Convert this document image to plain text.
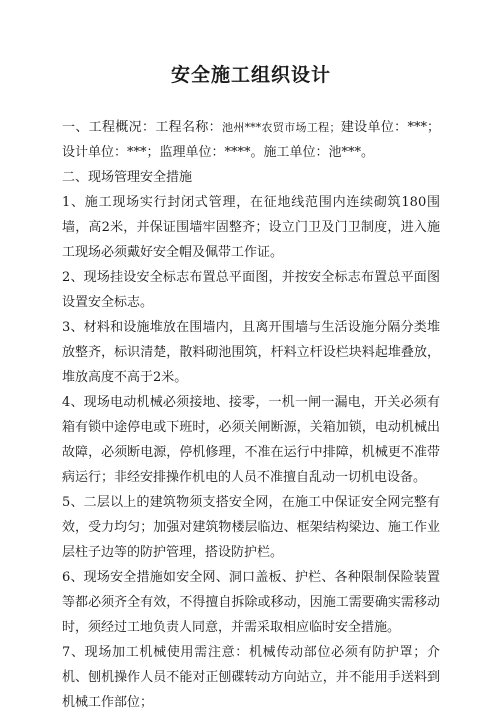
安全施工组织设计

一、工程概况：工程名称：池州***农贸市场工程；建设单位：***；设计单位：***；监理单位：****。施工单位：池***。

二、现场管理安全措施

1、施工现场实行封闭式管理，在征地线范围内连续砌筑180围墙，高2米，并保证围墙牢固整齐；设立门卫及门卫制度，进入施工现场必须戴好安全帽及佩带工作证。

2、现场挂设安全标志布置总平面图，并按安全标志布置总平面图设置安全标志。

3、材料和设施堆放在围墙内，且离开围墙与生活设施分隔分类堆放整齐，标识清楚，散料砌池围筑，杆料立杆设栏块料起堆叠放，堆放高度不高于2米。

4、现场电动机械必须接地、接零，一机一闸一漏电，开关必须有箱有锁中途停电或下班时，必须关闸断源，关箱加锁，电动机械出故障，必须断电源，停机修理，不准在运行中排障，机械更不准带病运行；非经安排操作机电的人员不准擅自乱动一切机电设备。

5、二层以上的建筑物须支搭安全网，在施工中保证安全网完整有效，受力均匀；加强对建筑物楼层临边、框架结构梁边、施工作业层柱子边等的防护管理，搭设防护栏。

6、现场安全措施如安全网、洞口盖板、护栏、各种限制保险装置等都必须齐全有效，不得擅自拆除或移动，因施工需要确实需移动时，须经过工地负责人同意，并需采取相应临时安全措施。

7、现场加工机械使用需注意：机械传动部位必须有防护罩；介机、刨机操作人员不能对正刨碟转动方向站立，并不能用手送料到机械工作部位；
